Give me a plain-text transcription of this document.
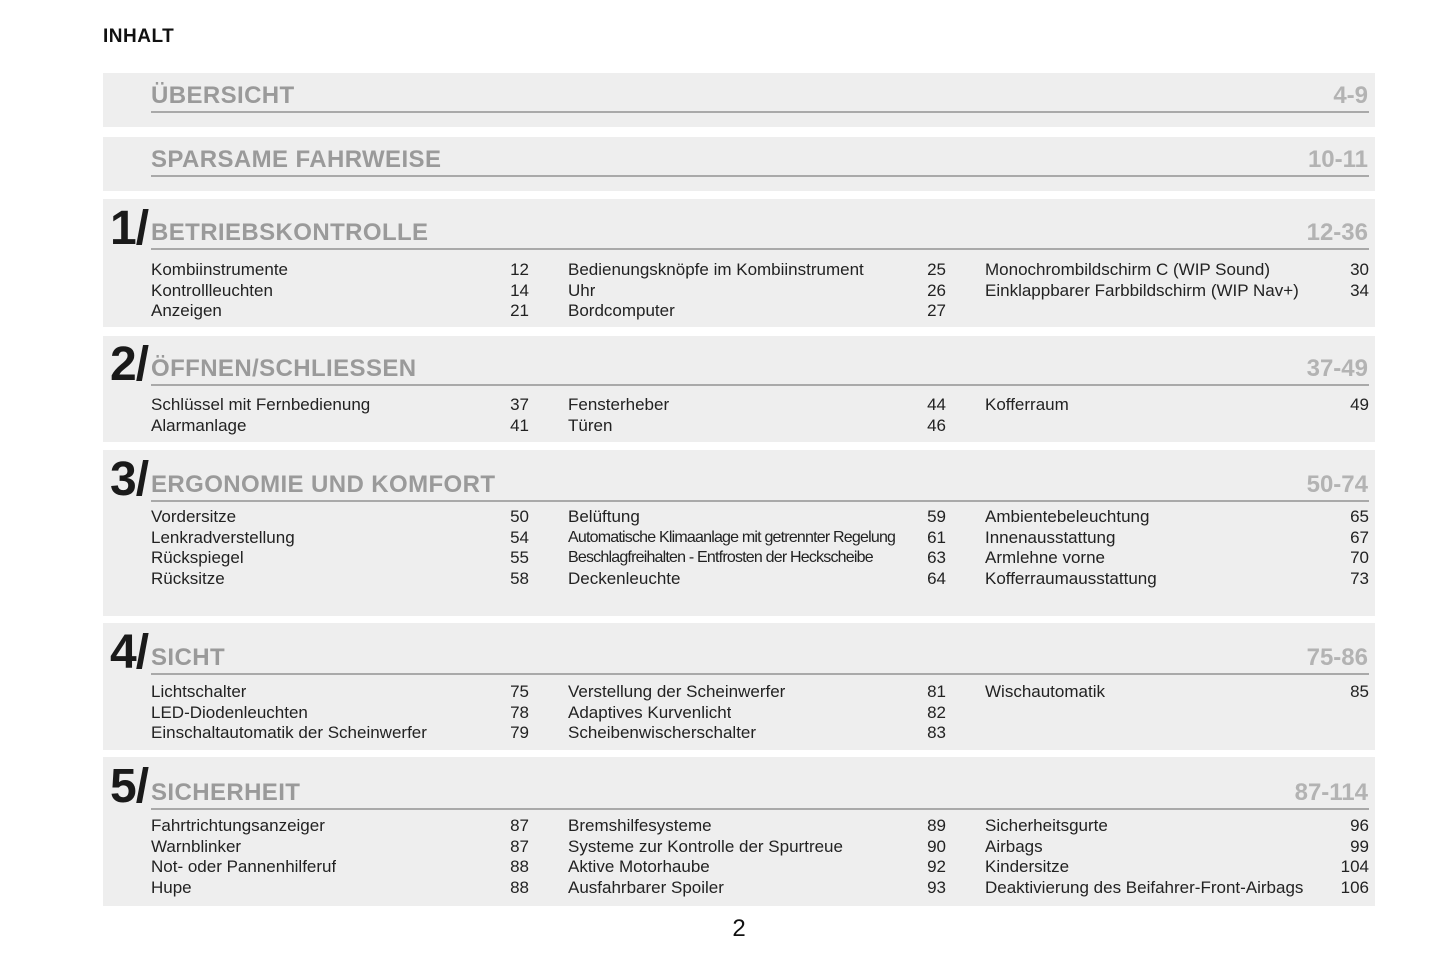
INHALT
ÜBERSICHT	4-9
SPARSAME FAHRWEISE	10-11
1/ BETRIEBSKONTROLLE	12-36
Kombiinstrumente	12
Kontrollleuchten	14
Anzeigen	21
Bedienungsknöpfe im Kombiinstrument	25
Uhr	26
Bordcomputer	27
Monochrombildschirm C (WIP Sound)	30
Einklappbarer Farbbildschirm (WIP Nav+)	34
2/ ÖFFNEN/SCHLIESSEN	37-49
Schlüssel mit Fernbedienung	37
Alarmanlage	41
Fensterheber	44
Türen	46
Kofferraum	49
3/ ERGONOMIE UND KOMFORT	50-74
Vordersitze	50
Lenkradverstellung	54
Rückspiegel	55
Rücksitze	58
Belüftung	59
Automatische Klimaanlage mit getrennter Regelung 61
Beschlagfreihalten - Entfrosten der Heckscheibe	63
Deckenleuchte	64
Ambientebeleuchtung	65
Innenausstattung	67
Armlehne vorne	70
Kofferraumausstattung	73
4/ SICHT	75-86
Lichtschalter	75
LED-Diodenleuchten	78
Einschaltautomatik der Scheinwerfer	79
Verstellung der Scheinwerfer	81
Adaptives Kurvenlicht	82
Scheibenwischerschalter	83
Wischautomatik	85
5/ SICHERHEIT	87-114
Fahrtrichtungsanzeiger	87
Warnblinker	87
Not- oder Pannenhilferuf	88
Hupe	88
Bremshilfesysteme	89
Systeme zur Kontrolle der Spurtreue	90
Aktive Motorhaube	92
Ausfahrbarer Spoiler	93
Sicherheitsgurte	96
Airbags	99
Kindersitze	104
Deaktivierung des Beifahrer-Front-Airbags 106
2
